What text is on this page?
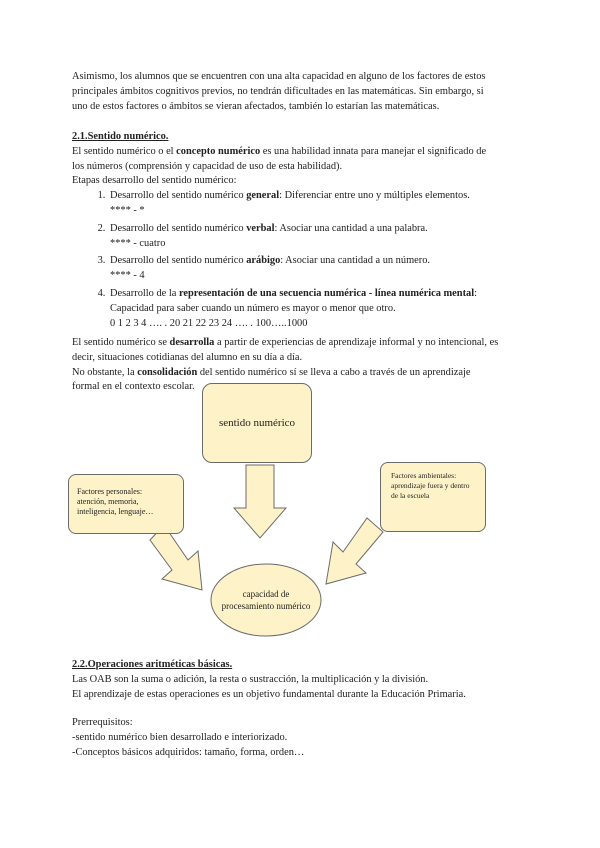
Asimismo, los alumnos que se encuentren con una alta capacidad en alguno de los factores de estos

principales ámbitos cognitivos previos, no tendrán dificultades en las matemáticas. Sin embargo, si

uno de estos factores o ámbitos se vieran afectados, también lo estarían las matemáticas.

2.1.Sentido numérico.

El sentido numérico o el concepto numérico es una habilidad innata para manejar el significado de

los números (comprensión y capacidad de uso de esta habilidad).

Etapas desarrollo del sentido numérico:

1. Desarrollo del sentido numérico general: Diferenciar entre uno y múltiples elementos.
**** - *
2. Desarrollo del sentido numérico verbal: Asociar una cantidad a una palabra.
**** - cuatro
3. Desarrollo del sentido numérico arábigo: Asociar una cantidad a un número.
**** - 4
4. Desarrollo de la representación de una secuencia numérica - línea numérica mental:
Capacidad para saber cuando un número es mayor o menor que otro.
0 1 2 3 4 …. . 20 21 22 23 24 …. . 100…..1000

El sentido numérico se desarrolla a partir de experiencias de aprendizaje informal y no intencional, es

decir, situaciones cotidianas del alumno en su día a día.

No obstante, la consolidación del sentido numérico sí se lleva a cabo a través de un aprendizaje

formal en el contexto escolar.

sentido numérico
Factores personales:
atención, memoria,
inteligencia, lenguaje…
Factores ambientales:
aprendizaje fuera y dentro
de la escuela
capacidad de
procesamiento numérico

2.2.Operaciones aritméticas básicas.

Las OAB son la suma o adición, la resta o sustracción, la multiplicación y la división.

El aprendizaje de estas operaciones es un objetivo fundamental durante la Educación Primaria.

Prerrequisitos:

-sentido numérico bien desarrollado e interiorizado.

-Conceptos básicos adquiridos: tamaño, forma, orden…
